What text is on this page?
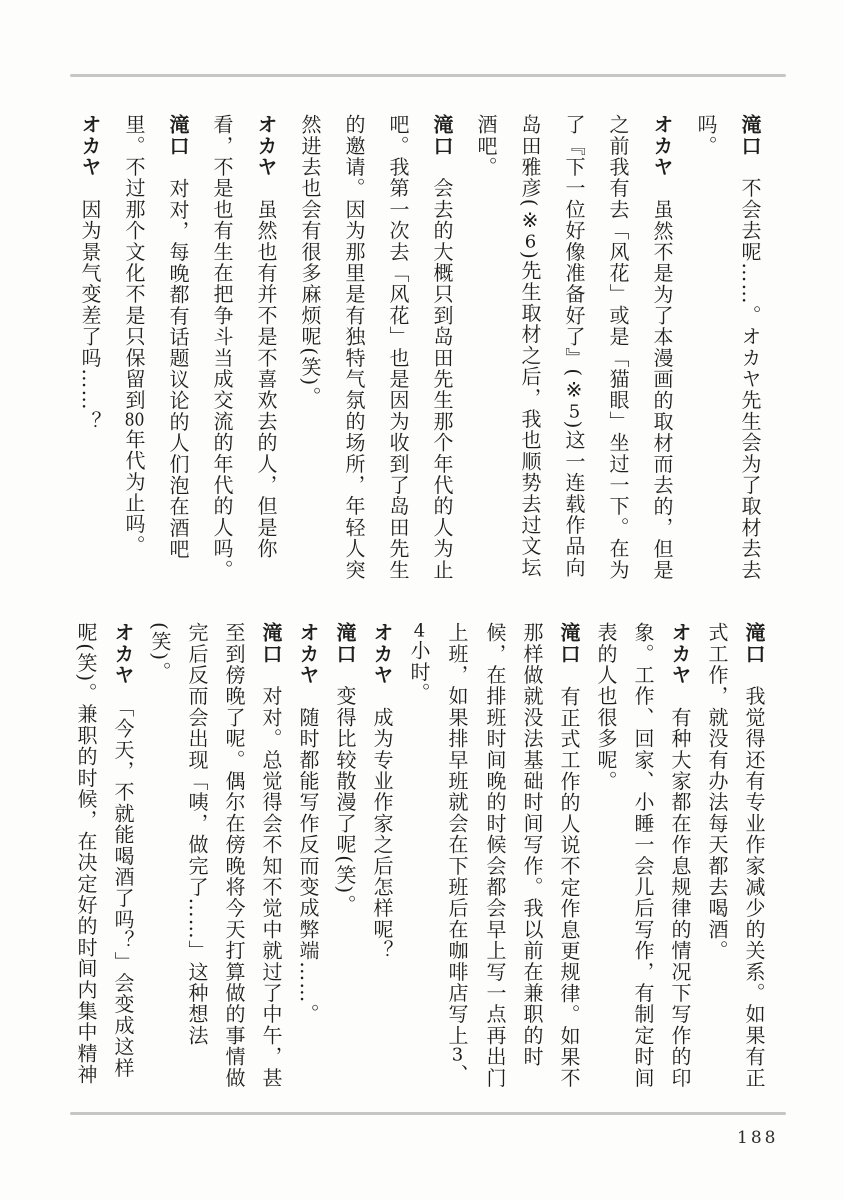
滝口不会去呢……。オカヤ先生会为了取材去去吗。

オカヤ虽然不是为了本漫画的取材而去的，但是之前我有去「风花」或是「猫眼」坐过一下。在为了『下一位好像准备好了』(※5)这一连载作品向岛田雅彦(※6)先生取材之后，我也顺势去过文坛酒吧。

滝口会去的大概只到岛田先生那个年代的人为止吧。我第一次去「风花」也是因为收到了岛田先生的邀请。因为那里是有独特气氛的场所，年轻人突然进去也会有很多麻烦呢(笑)。

オカヤ虽然也有并不是不喜欢去的人，但是你看，不是也有生在把争斗当成交流的年代的人吗。

滝口对对，每晚都有话题议论的人们泡在酒吧里。不过那个文化不是只保留到80年代为止吗。

オカヤ因为景气变差了吗……？

滝口我觉得还有专业作家减少的关系。如果有正式工作，就没有办法每天都去喝酒。

オカヤ有种大家都在作息规律的情况下写作的印象。工作、回家、小睡一会儿后写作，有制定时间表的人也很多呢。

滝口有正式工作的人说不定作息更规律。如果不那样做就没法基础时间写作。我以前在兼职的时候，在排班时间晚的时候会都会早上写一点再出门上班，如果排早班就会在下班后在咖啡店写上3、4小时。

オカヤ成为专业作家之后怎样呢？

滝口变得比较散漫了呢(笑)。

オカヤ随时都能写作反而变成弊端……。

滝口对对。总觉得会不知不觉中就过了中午，甚至到傍晚了呢。偶尔在傍晚将今天打算做的事情做完后反而会出现「咦，做完了……」这种想法(笑)。

オカヤ「今天，不就能喝酒了吗？」会变成这样呢(笑)。兼职的时候，在决定好的时间内集中精神

188
